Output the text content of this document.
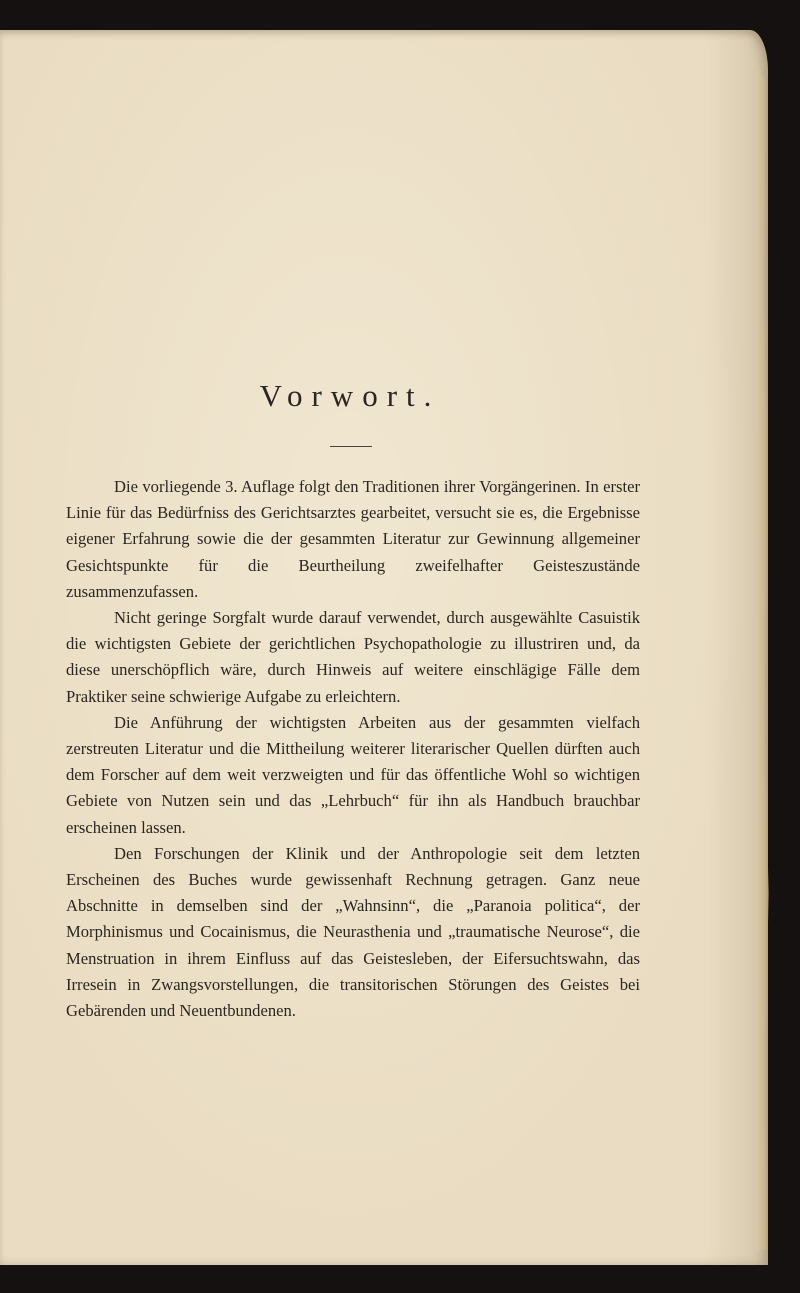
Vorwort.

Die vorliegende 3. Auflage folgt den Traditionen ihrer Vorgängerinen. In erster Linie für das Bedürfniss des Gerichtsarztes gearbeitet, versucht sie es, die Ergebnisse eigener Erfahrung sowie die der gesammten Literatur zur Gewinnung allgemeiner Gesichtspunkte für die Beurtheilung zweifelhafter Geisteszustände zusammenzufassen.

Nicht geringe Sorgfalt wurde darauf verwendet, durch ausgewählte Casuistik die wichtigsten Gebiete der gerichtlichen Psychopathologie zu illustriren und, da diese unerschöpflich wäre, durch Hinweis auf weitere einschlägige Fälle dem Praktiker seine schwierige Aufgabe zu erleichtern.

Die Anführung der wichtigsten Arbeiten aus der gesammten vielfach zerstreuten Literatur und die Mittheilung weiterer literarischer Quellen dürften auch dem Forscher auf dem weit verzweigten und für das öffentliche Wohl so wichtigen Gebiete von Nutzen sein und das „Lehrbuch“ für ihn als Handbuch brauchbar erscheinen lassen.

Den Forschungen der Klinik und der Anthropologie seit dem letzten Erscheinen des Buches wurde gewissenhaft Rechnung getragen. Ganz neue Abschnitte in demselben sind der „Wahnsinn“, die „Paranoia politica“, der Morphinismus und Cocainismus, die Neurasthenia und „traumatische Neurose“, die Menstruation in ihrem Einfluss auf das Geistesleben, der Eifersuchtswahn, das Irresein in Zwangsvorstellungen, die transitorischen Störungen des Geistes bei Gebärenden und Neuentbundenen.
